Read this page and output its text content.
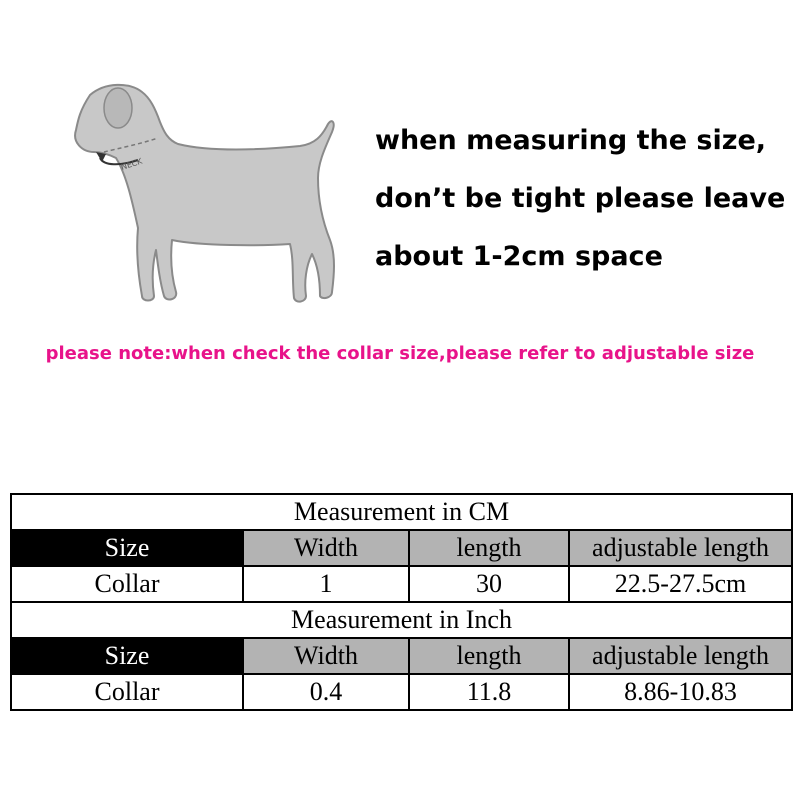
NECK
when measuring the size,
don’t be tight please leave
about 1-2cm space
please note:when check the collar size,please refer to adjustable size
Measurement in CM			
Size	Width	length	adjustable length
Collar	1	30	22.5-27.5cm
Measurement in Inch			
Size	Width	length	adjustable length
Collar	0.4	11.8	8.86-10.83
